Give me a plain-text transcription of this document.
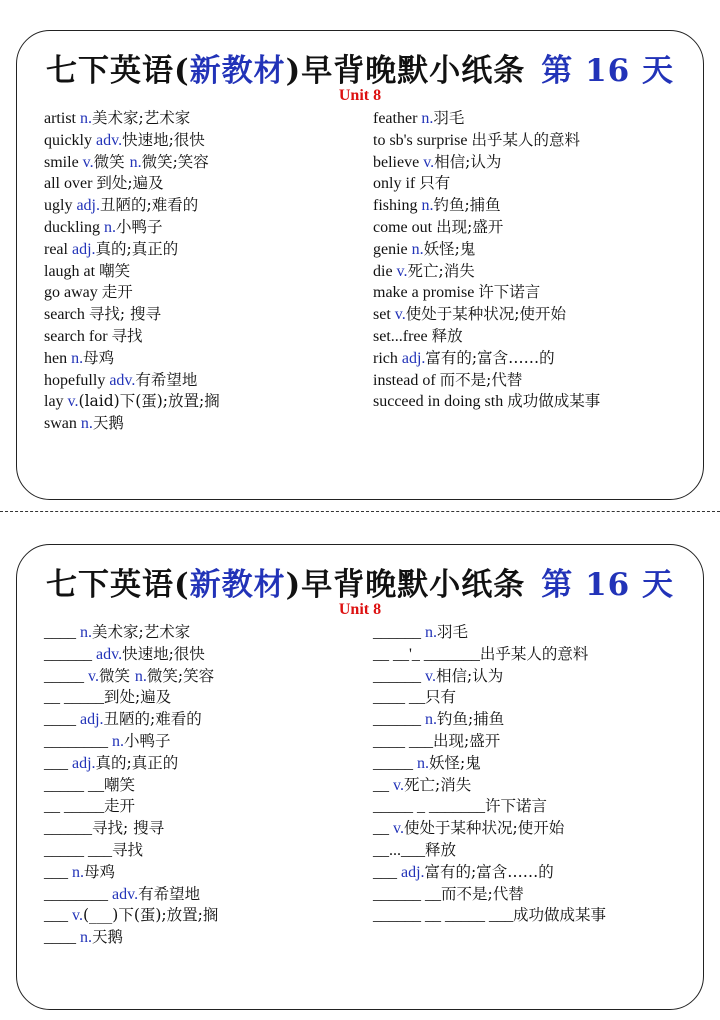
七下英语(新教材)早背晚默小纸条 第 16 天
Unit 8
artist n.美术家;艺术家
quickly adv.快速地;很快
smile v.微笑 n.微笑;笑容
all over 到处;遍及
ugly adj.丑陋的;难看的
duckling n.小鸭子
real adj.真的;真正的
laugh at 嘲笑
go away 走开
search 寻找; 搜寻
search for 寻找
hen n.母鸡
hopefully adv.有希望地
lay v.(laid)下(蛋);放置;搁
swan n.天鹅
feather n.羽毛
to sb's surprise 出乎某人的意料
believe v.相信;认为
only if 只有
fishing n.钓鱼;捕鱼
come out 出现;盛开
genie n.妖怪;鬼
die v.死亡;消失
make a promise 许下诺言
set v.使处于某种状况;使开始
set...free 释放
rich adj.富有的;富含……的
instead of 而不是;代替
succeed in doing sth 成功做成某事
七下英语(新教材)早背晚默小纸条 第 16 天
Unit 8
____ n.美术家;艺术家
______ adv.快速地;很快
_____ v.微笑 n.微笑;笑容
__ _____到处;遍及
____ adj.丑陋的;难看的
________ n.小鸭子
___ adj.真的;真正的
_____ __嘲笑
__ _____走开
______寻找; 搜寻
_____ ___寻找
___ n.母鸡
________ adv.有希望地
___ v.(___)下(蛋);放置;搁
____ n.天鹅
______ n.羽毛
__ __'_ _______出乎某人的意料
______ v.相信;认为
____ __只有
______ n.钓鱼;捕鱼
____ ___出现;盛开
_____ n.妖怪;鬼
__ v.死亡;消失
_____ _ _______许下诺言
__ v.使处于某种状况;使开始
__...___释放
___ adj.富有的;富含……的
______ __而不是;代替
______ __ _____ ___成功做成某事
